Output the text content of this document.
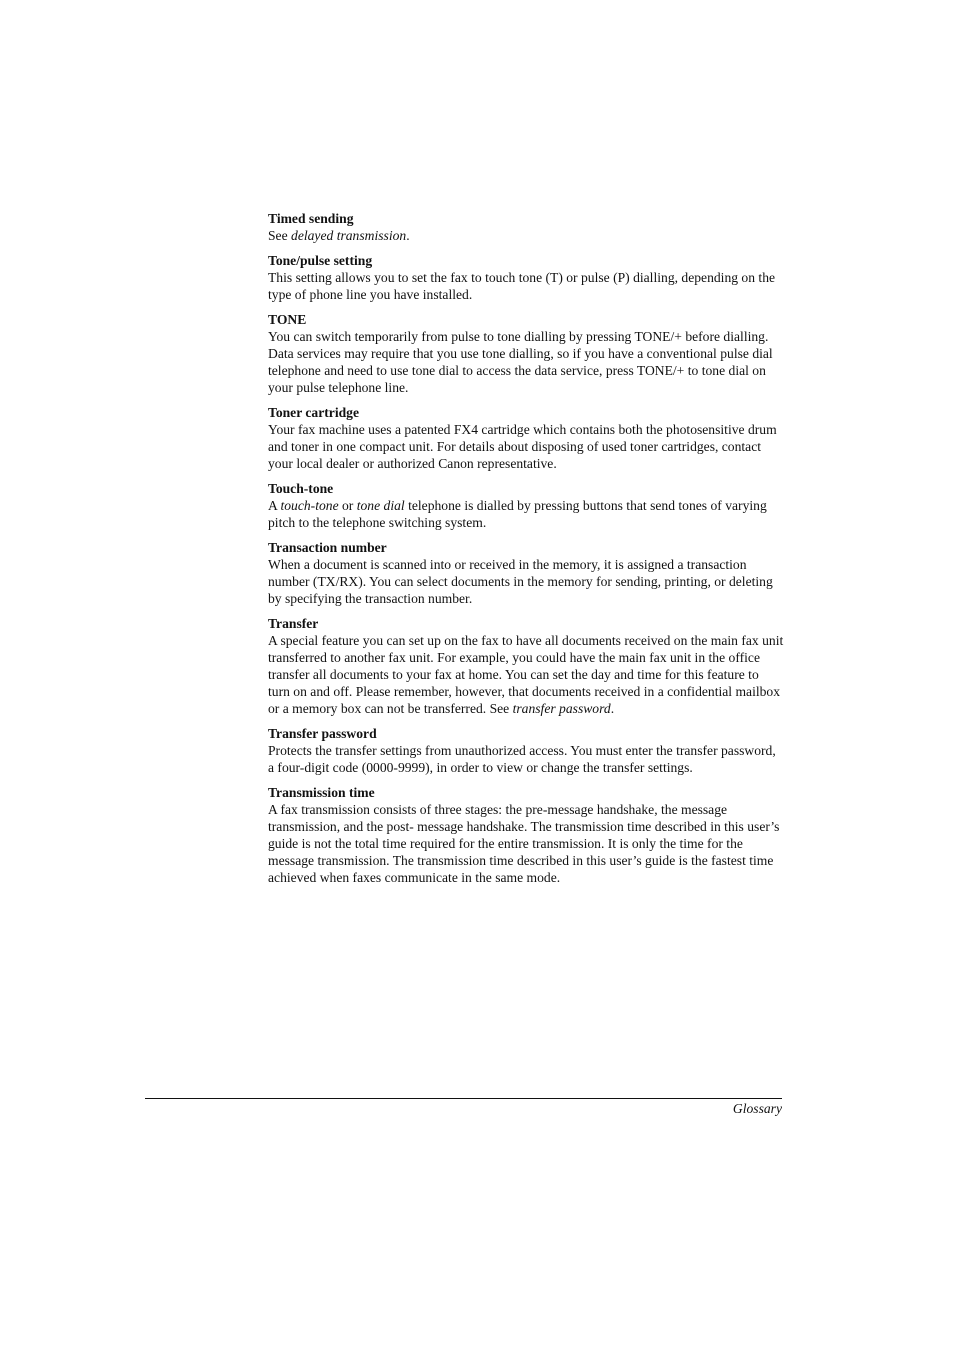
Timed sending

See delayed transmission.

Tone/pulse setting

This setting allows you to set the fax to touch tone (T) or pulse (P) dialling, depending on the type of phone line you have installed.

TONE

You can switch temporarily from pulse to tone dialling by pressing TONE/+ before dialling. Data services may require that you use tone dialling, so if you have a conventional pulse dial telephone and need to use tone dial to access the data service, press TONE/+ to tone dial on your pulse telephone line.

Toner cartridge

Your fax machine uses a patented FX4 cartridge which contains both the photosensitive drum and toner in one compact unit. For details about disposing of used toner cartridges, contact your local dealer or authorized Canon representative.

Touch-tone

A touch-tone or tone dial telephone is dialled by pressing buttons that send tones of varying pitch to the telephone switching system.

Transaction number

When a document is scanned into or received in the memory, it is assigned a transaction number (TX/RX). You can select documents in the memory for sending, printing, or deleting by specifying the transaction number.

Transfer

A special feature you can set up on the fax to have all documents received on the main fax unit transferred to another fax unit. For example, you could have the main fax unit in the office transfer all documents to your fax at home. You can set the day and time for this feature to turn on and off. Please remember, however, that documents received in a confidential mailbox or a memory box can not be transferred. See transfer password.

Transfer password

Protects the transfer settings from unauthorized access. You must enter the transfer password, a four-digit code (0000-9999), in order to view or change the transfer settings.

Transmission time

A fax transmission consists of three stages: the pre-message handshake, the message transmission, and the post- message handshake. The transmission time described in this user’s guide is not the total time required for the entire transmission. It is only the time for the message transmission. The transmission time described in this user’s guide is the fastest time achieved when faxes communicate in the same mode.

Glossary
